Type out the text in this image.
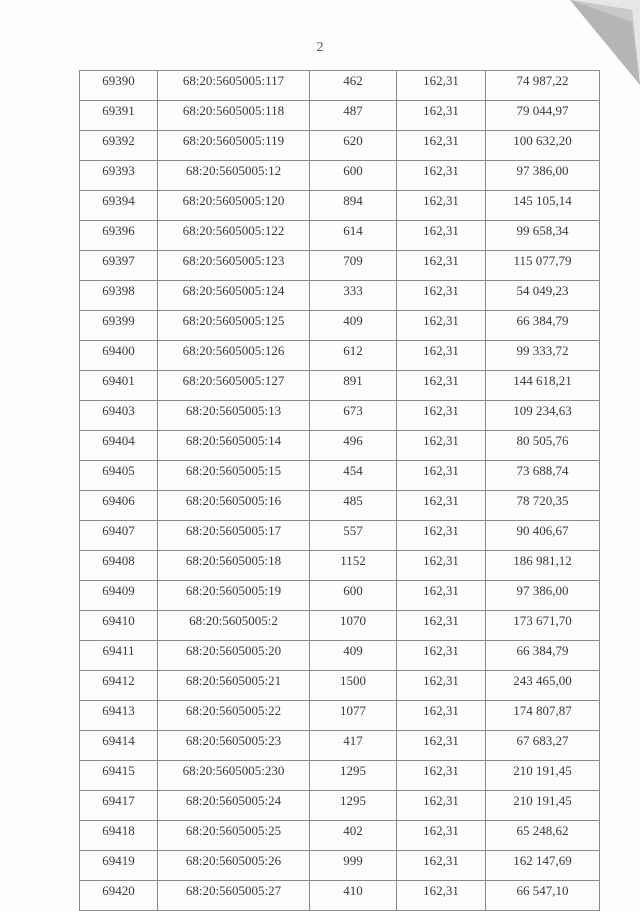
2
69390	68:20:5605005:117	462	162,31	74 987,22
69391	68:20:5605005:118	487	162,31	79 044,97
69392	68:20:5605005:119	620	162,31	100 632,20
69393	68:20:5605005:12	600	162,31	97 386,00
69394	68:20:5605005:120	894	162,31	145 105,14
69396	68:20:5605005:122	614	162,31	99 658,34
69397	68:20:5605005:123	709	162,31	115 077,79
69398	68:20:5605005:124	333	162,31	54 049,23
69399	68:20:5605005:125	409	162,31	66 384,79
69400	68:20:5605005:126	612	162,31	99 333,72
69401	68:20:5605005:127	891	162,31	144 618,21
69403	68:20:5605005:13	673	162,31	109 234,63
69404	68:20:5605005:14	496	162,31	80 505,76
69405	68:20:5605005:15	454	162,31	73 688,74
69406	68:20:5605005:16	485	162,31	78 720,35
69407	68:20:5605005:17	557	162,31	90 406,67
69408	68:20:5605005:18	1152	162,31	186 981,12
69409	68:20:5605005:19	600	162,31	97 386,00
69410	68:20:5605005:2	1070	162,31	173 671,70
69411	68:20:5605005:20	409	162,31	66 384,79
69412	68:20:5605005:21	1500	162,31	243 465,00
69413	68:20:5605005:22	1077	162,31	174 807,87
69414	68:20:5605005:23	417	162,31	67 683,27
69415	68:20:5605005:230	1295	162,31	210 191,45
69417	68:20:5605005:24	1295	162,31	210 191,45
69418	68:20:5605005:25	402	162,31	65 248,62
69419	68:20:5605005:26	999	162,31	162 147,69
69420	68:20:5605005:27	410	162,31	66 547,10
